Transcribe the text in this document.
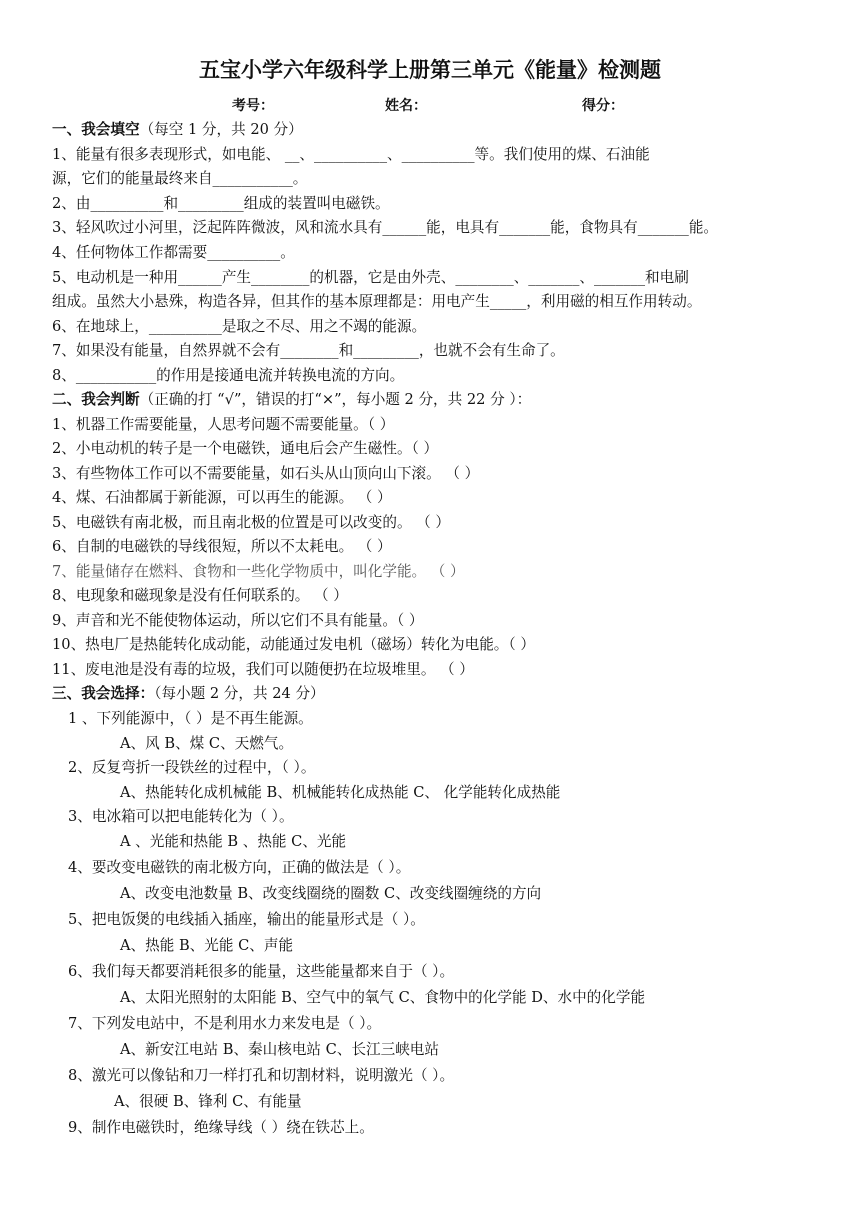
五宝小学六年级科学上册第三单元《能量》检测题
考号：	姓名：	得分：
一、我会填空（每空 1 分，共 20 分）
1、能量有很多表现形式，如电能、 __、__________、__________等。我们使用的煤、石油能
源，它们的能量最终来自___________。
2、由__________和_________组成的装置叫电磁铁。
3、轻风吹过小河里，泛起阵阵微波，风和流水具有______能，电具有_______能，食物具有_______能。
4、任何物体工作都需要__________。
5、电动机是一种用______产生________的机器，它是由外壳、________、_______、_______和电刷
组成。虽然大小悬殊，构造各异，但其作的基本原理都是：用电产生_____，利用磁的相互作用转动。
6、在地球上，__________是取之不尽、用之不竭的能源。
7、如果没有能量，自然界就不会有________和_________，也就不会有生命了。
8、___________的作用是接通电流并转换电流的方向。
二、我会判断（正确的打 “√”，错误的打“×”，每小题 2 分，共 22 分 ）：
1、机器工作需要能量，人思考问题不需要能量。（ ）
2、小电动机的转子是一个电磁铁，通电后会产生磁性。（ ）
3、有些物体工作可以不需要能量，如石头从山顶向山下滚。 （ ）
4、煤、石油都属于新能源，可以再生的能源。 （ ）
5、电磁铁有南北极，而且南北极的位置是可以改变的。 （ ）
6、自制的电磁铁的导线很短，所以不太耗电。 （ ）
7、能量储存在燃料、食物和一些化学物质中，叫化学能。 （ ）
8、电现象和磁现象是没有任何联系的。 （ ）
9、声音和光不能使物体运动，所以它们不具有能量。（ ）
10、热电厂是热能转化成动能，动能通过发电机（磁场）转化为电能。（ ）
11、废电池是没有毒的垃圾，我们可以随便扔在垃圾堆里。 （ ）
三、我会选择：（每小题 2 分，共 24 分）
1 、下列能源中，（ ）是不再生能源。
A、风 B、煤 C、天燃气。
2、反复弯折一段铁丝的过程中，（ ）。
A、热能转化成机械能 B、机械能转化成热能 C、 化学能转化成热能
3、电冰箱可以把电能转化为（ ）。
A 、光能和热能 B 、热能 C、光能
4、要改变电磁铁的南北极方向，正确的做法是（ ）。
A、改变电池数量 B、改变线圈绕的圈数 C、改变线圈缠绕的方向
5、把电饭煲的电线插入插座，输出的能量形式是（ ）。
A、热能 B、光能 C、声能
6、我们每天都要消耗很多的能量，这些能量都来自于（ ）。
A、太阳光照射的太阳能 B、空气中的氧气 C、食物中的化学能 D、水中的化学能
7、下列发电站中，不是利用水力来发电是（ ）。
A、新安江电站 B、秦山核电站 C、长江三峡电站
8、激光可以像钻和刀一样打孔和切割材料，说明激光（ ）。
A、很硬 B、锋利 C、有能量
9、制作电磁铁时，绝缘导线（ ）绕在铁芯上。
